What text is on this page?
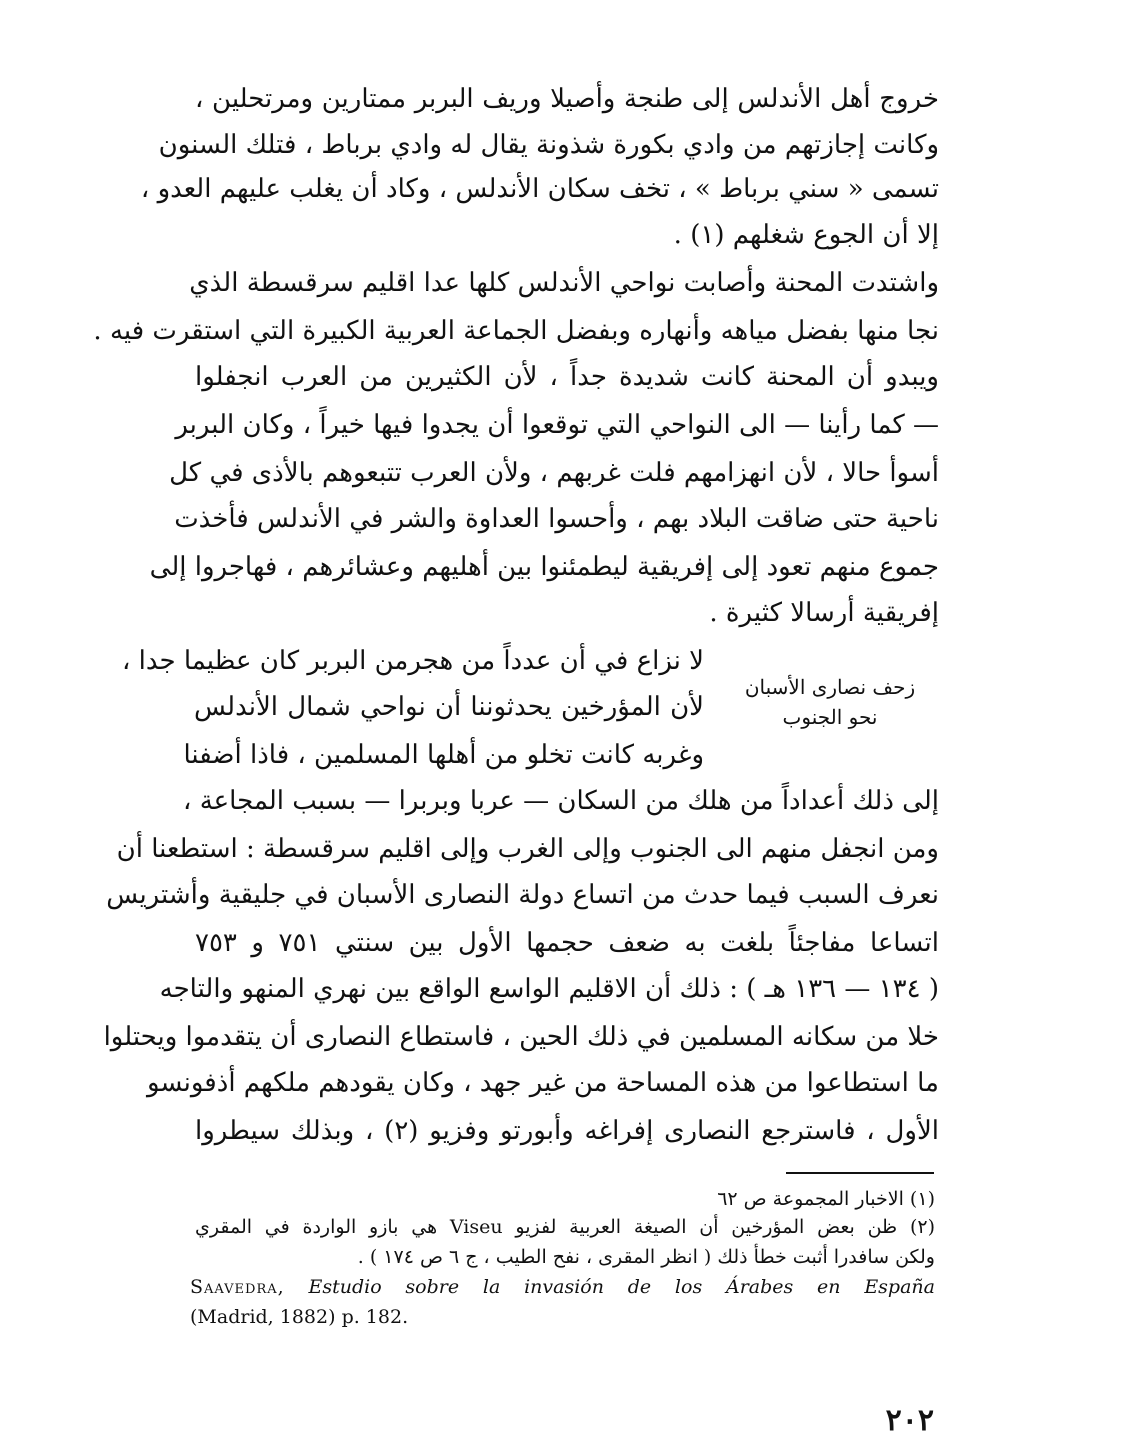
خروج أهل الأندلس إلى طنجة وأصيلا وريف البربر ممتارين ومرتحلين ،
وكانت إجازتهم من وادي بكورة شذونة يقال له وادي برباط ، فتلك السنون
تسمى « سني برباط » ، تخف سكان الأندلس ، وكاد أن يغلب عليهم العدو ،
إلا أن الجوع شغلهم (١) .
واشتدت المحنة وأصابت نواحي الأندلس كلها عدا اقليم سرقسطة الذي
نجا منها بفضل مياهه وأنهاره وبفضل الجماعة العربية الكبيرة التي استقرت فيه .
ويبدو أن المحنة كانت شديدة جداً ، لأن الكثيرين من العرب انجفلوا
— كما رأينا — الى النواحي التي توقعوا أن يجدوا فيها خيراً ، وكان البربر
أسوأ حالا ، لأن انهزامهم فلت غربهم ، ولأن العرب تتبعوهم بالأذى في كل
ناحية حتى ضاقت البلاد بهم ، وأحسوا العداوة والشر في الأندلس فأخذت
جموع منهم تعود إلى إفريقية ليطمئنوا بين أهليهم وعشائرهم ، فهاجروا إلى
إفريقية أرسالا كثيرة .
زحف نصارى الأسبان
نحو الجنوب
لا نزاع في أن عدداً من هجرمن البربر كان عظيما جدا ،
لأن المؤرخين يحدثوننا أن نواحي شمال الأندلس
وغربه كانت تخلو من أهلها المسلمين ، فاذا أضفنا
إلى ذلك أعداداً من هلك من السكان — عربا وبربرا — بسبب المجاعة ،
ومن انجفل منهم الى الجنوب وإلى الغرب وإلى اقليم سرقسطة : استطعنا أن
نعرف السبب فيما حدث من اتساع دولة النصارى الأسبان في جليقية وأشتريس
اتساعا مفاجئاً بلغت به ضعف حجمها الأول بين سنتي ٧٥١ و ٧٥٣
( ١٣٤ — ١٣٦ هـ ) : ذلك أن الاقليم الواسع الواقع بين نهري المنهو والتاجه
خلا من سكانه المسلمين في ذلك الحين ، فاستطاع النصارى أن يتقدموا ويحتلوا
ما استطاعوا من هذه المساحة من غير جهد ، وكان يقودهم ملكهم أذفونسو
الأول ، فاسترجع النصارى إفراغه وأبورتو وفزيو (٢) ، وبذلك سيطروا
(١) الاخبار المجموعة ص ٦٢
(٢) ظن بعض المؤرخين أن الصيغة العربية لفزيو Viseu هي بازو الواردة في المقري
ولكن سافدرا أثبت خطأ ذلك ( انظر المقرى ، نفح الطيب ، ج ٦ ص ١٧٤ ) .
Saavedra, Estudio sobre la invasión de los Árabes en España
(Madrid, 1882) p. 182.
٢٠٢
